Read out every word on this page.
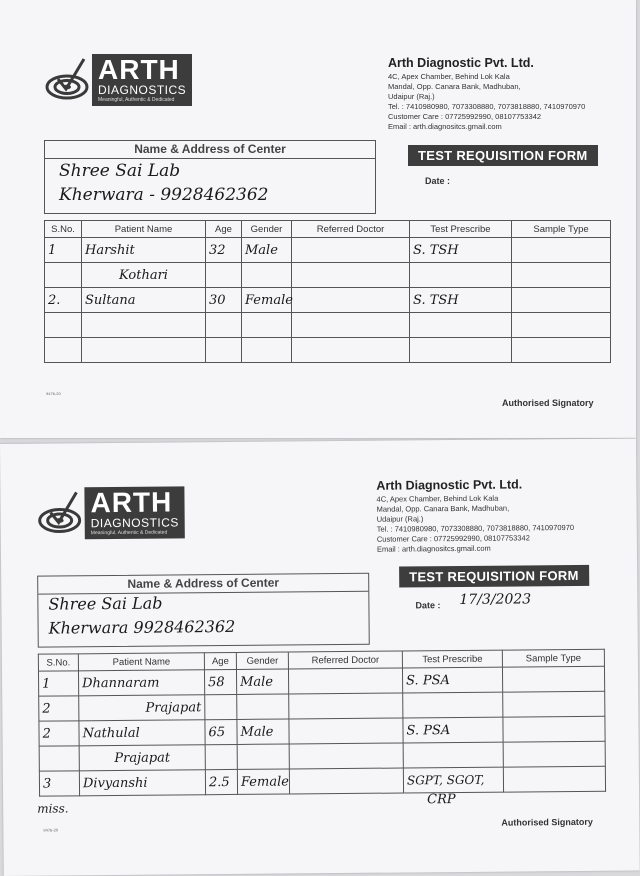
ARTH
DIAGNOSTICS
Meaningful, Authentic & Dedicated
Arth Diagnostic Pvt. Ltd.
4C, Apex Chamber, Behind Lok Kala
Mandal, Opp. Canara Bank, Madhuban,
Udaipur (Raj.)
Tel. : 7410980980, 7073308880, 7073818880, 7410970970
Customer Care : 07725992990, 08107753342
Email : arth.diagnositcs.gmail.com
Name & Address of Center
Shree Sai Lab
Kherwara - 9928462362
TEST REQUISITION FORM
Date :
S.No.	Patient Name	Age	Gender	Referred Doctor	Test Prescribe	Sample Type
1	Harshit	32	Male		S. TSH	
	Kothari					
2.	Sultana	30	Female		S. TSH	

9476-20
Authorised Signatory
ARTH
DIAGNOSTICS
Meaningful, Authentic & Dedicated
Arth Diagnostic Pvt. Ltd.
4C, Apex Chamber, Behind Lok Kala
Mandal, Opp. Canara Bank, Madhuban,
Udaipur (Raj.)
Tel. : 7410980980, 7073308880, 7073818880, 7410970970
Customer Care : 07725992990, 08107753342
Email : arth.diagnositcs.gmail.com
Name & Address of Center
Shree Sai Lab
Kherwara 9928462362
TEST REQUISITION FORM
Date : 17/3/2023
S.No.	Patient Name	Age	Gender	Referred Doctor	Test Prescribe	Sample Type
1	Dhannaram	58	Male		S. PSA	
2	Prajapat					
2	Nathulal	65	Male		S. PSA	
	Prajapat					
3	Divyanshi	2.5	Female		SGPT, SGOT,	
miss.
CRP
9476-20
Authorised Signatory
